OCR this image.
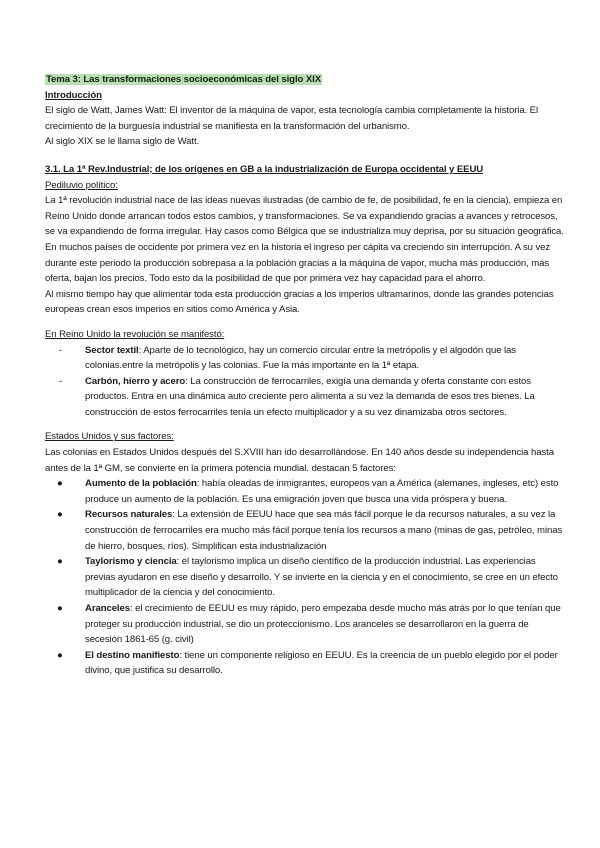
Tema 3: Las transformaciones socioeconómicas del siglo XIX

Introducción

El siglo de Watt, James Watt: El inventor de la máquina de vapor, esta tecnología cambia completamente la historia. El crecimiento de la burguesía industrial se manifiesta en la transformación del urbanismo.

Al siglo XIX se le llama siglo de Watt.

3.1. La 1ª Rev.Industrial; de los orígenes en GB a la industrialización de Europa occidental y EEUU

Pediluvio político:

La 1ª revolución industrial nace de las ideas nuevas ilustradas (de cambio de fe, de posibilidad, fe en la ciencia), empieza en Reino Unido donde arrancan todos estos cambios, y transformaciones. Se va expandiendo gracias a avances y retrocesos, se va expandiendo de forma irregular. Hay casos como Bélgica que se industrializa muy deprisa, por su situación geográfica.

En muchos países de occidente por primera vez en la historia el ingreso per cápita va creciendo sin interrupción. A su vez durante este periodo la producción sobrepasa a la población gracias a la máquina de vapor, mucha más producción, más oferta, bajan los precios. Todo esto da la posibilidad de que por primera vez hay capacidad para el ahorro.

Al mismo tiempo hay que alimentar toda esta producción gracias a los imperios ultramarinos, donde las grandes potencias europeas crean esos imperios en sitios como América y Asia.

En Reino Unido la revolución se manifestó:

- Sector textil: Aparte de lo tecnológico, hay un comercio circular entre la metrópolis y el algodón que las colonias.entre la metrópolis y las colonias. Fue la más importante en la 1ª etapa.
- Carbón, hierro y acero: La construcción de ferrocarriles, exigía una demanda y oferta constante con estos productos. Entra en una dinámica auto creciente pero alimenta a su vez la demanda de esos tres bienes. La construcción de estos ferrocarriles tenía un efecto multiplicador y a su vez dinamizaba otros sectores.

Estados Unidos y sus factores:

Las colonias en Estados Unidos después del S.XVIII han ido desarrollándose. En 140 años desde su independencia hasta antes de la 1ª GM, se convierte en la primera potencia mundial. destacan 5 factores:

● Aumento de la población: había oleadas de inmigrantes, europeos van a América (alemanes, ingleses, etc) esto produce un aumento de la población. Es una emigración joven que busca una vida próspera y buena.
● Recursos naturales: La extensión de EEUU hace que sea más fácil porque le da recursos naturales, a su vez la construcción de ferrocarriles era mucho más fácil porque tenía los recursos a mano (minas de gas, petróleo, minas de hierro, bosques, ríos). Simplifican esta industrialización
● Taylorismo y ciencia: el taylorismo implica un diseño científico de la producción industrial. Las experiencias previas ayudaron en ese diseño y desarrollo. Y se invierte en la ciencia y en el conocimiento, se cree en un efecto multiplicador de la ciencia y del conocimiento.
● Aranceles: el crecimiento de EEUU es muy rápido, pero empezaba desde mucho más atrás por lo que tenían que proteger su producción industrial, se dio un proteccionismo. Los aranceles se desarrollaron en la guerra de secesión 1861-65 (g. civil)
● El destino manifiesto: tiene un componente religioso en EEUU. Es la creencia de un pueblo elegido por el poder divino, que justifica su desarrollo.
